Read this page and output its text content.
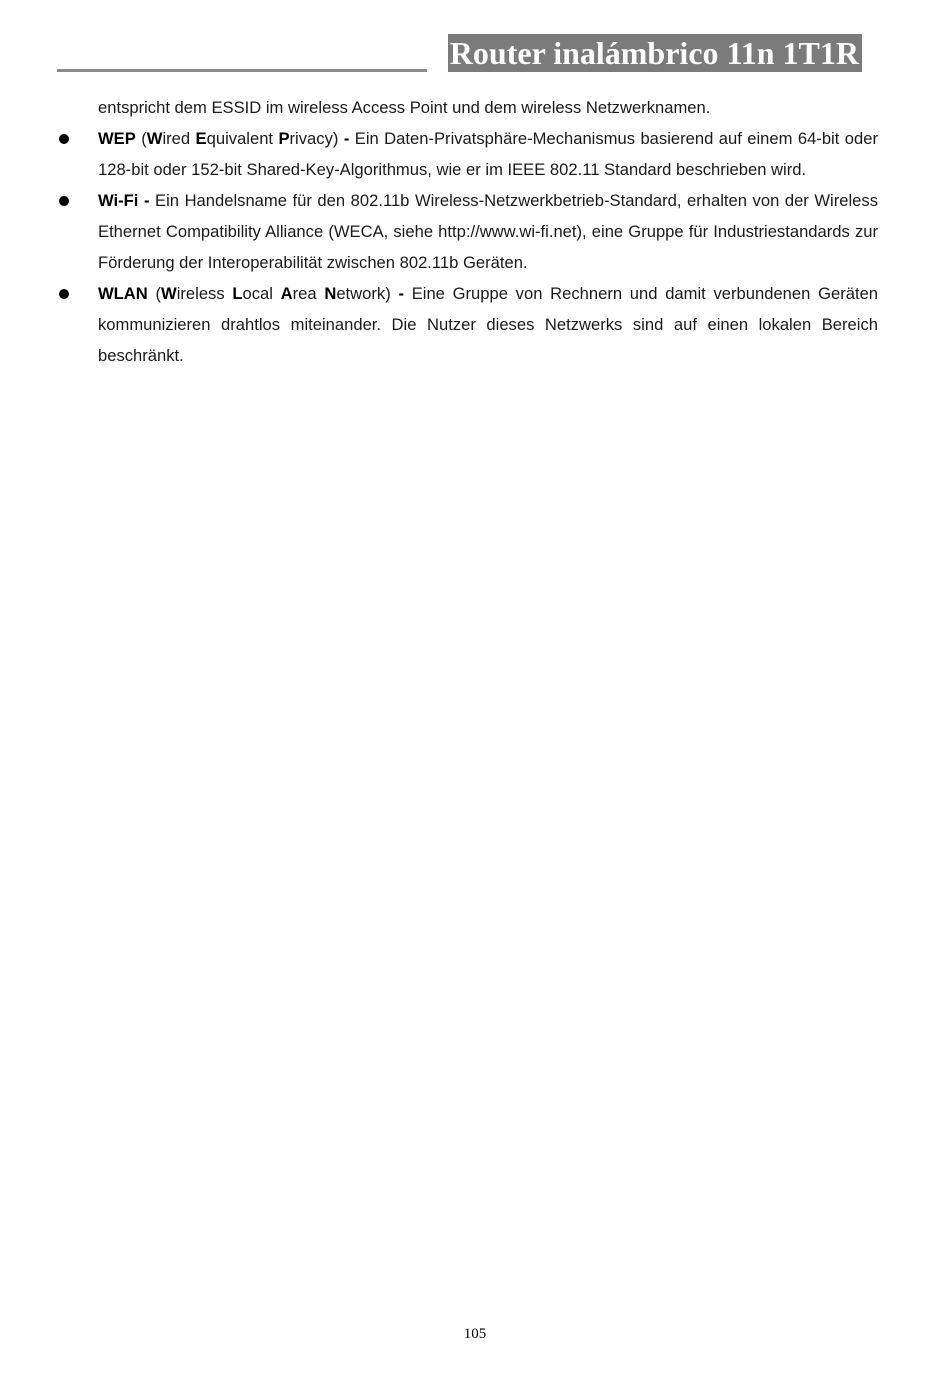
Router inalámbrico 11n 1T1R

entspricht dem ESSID im wireless Access Point und dem wireless Netzwerknamen.

WEP (Wired Equivalent Privacy) - Ein Daten-Privatsphäre-Mechanismus basierend auf einem 64-bit oder 128-bit oder 152-bit Shared-Key-Algorithmus, wie er im IEEE 802.11 Standard beschrieben wird.

Wi-Fi - Ein Handelsname für den 802.11b Wireless-Netzwerkbetrieb-Standard, erhalten von der Wireless Ethernet Compatibility Alliance (WECA, siehe http://www.wi-fi.net), eine Gruppe für Industriestandards zur Förderung der Interoperabilität zwischen 802.11b Geräten.

WLAN (Wireless Local Area Network) - Eine Gruppe von Rechnern und damit verbundenen Geräten kommunizieren drahtlos miteinander. Die Nutzer dieses Netzwerks sind auf einen lokalen Bereich beschränkt.

105
